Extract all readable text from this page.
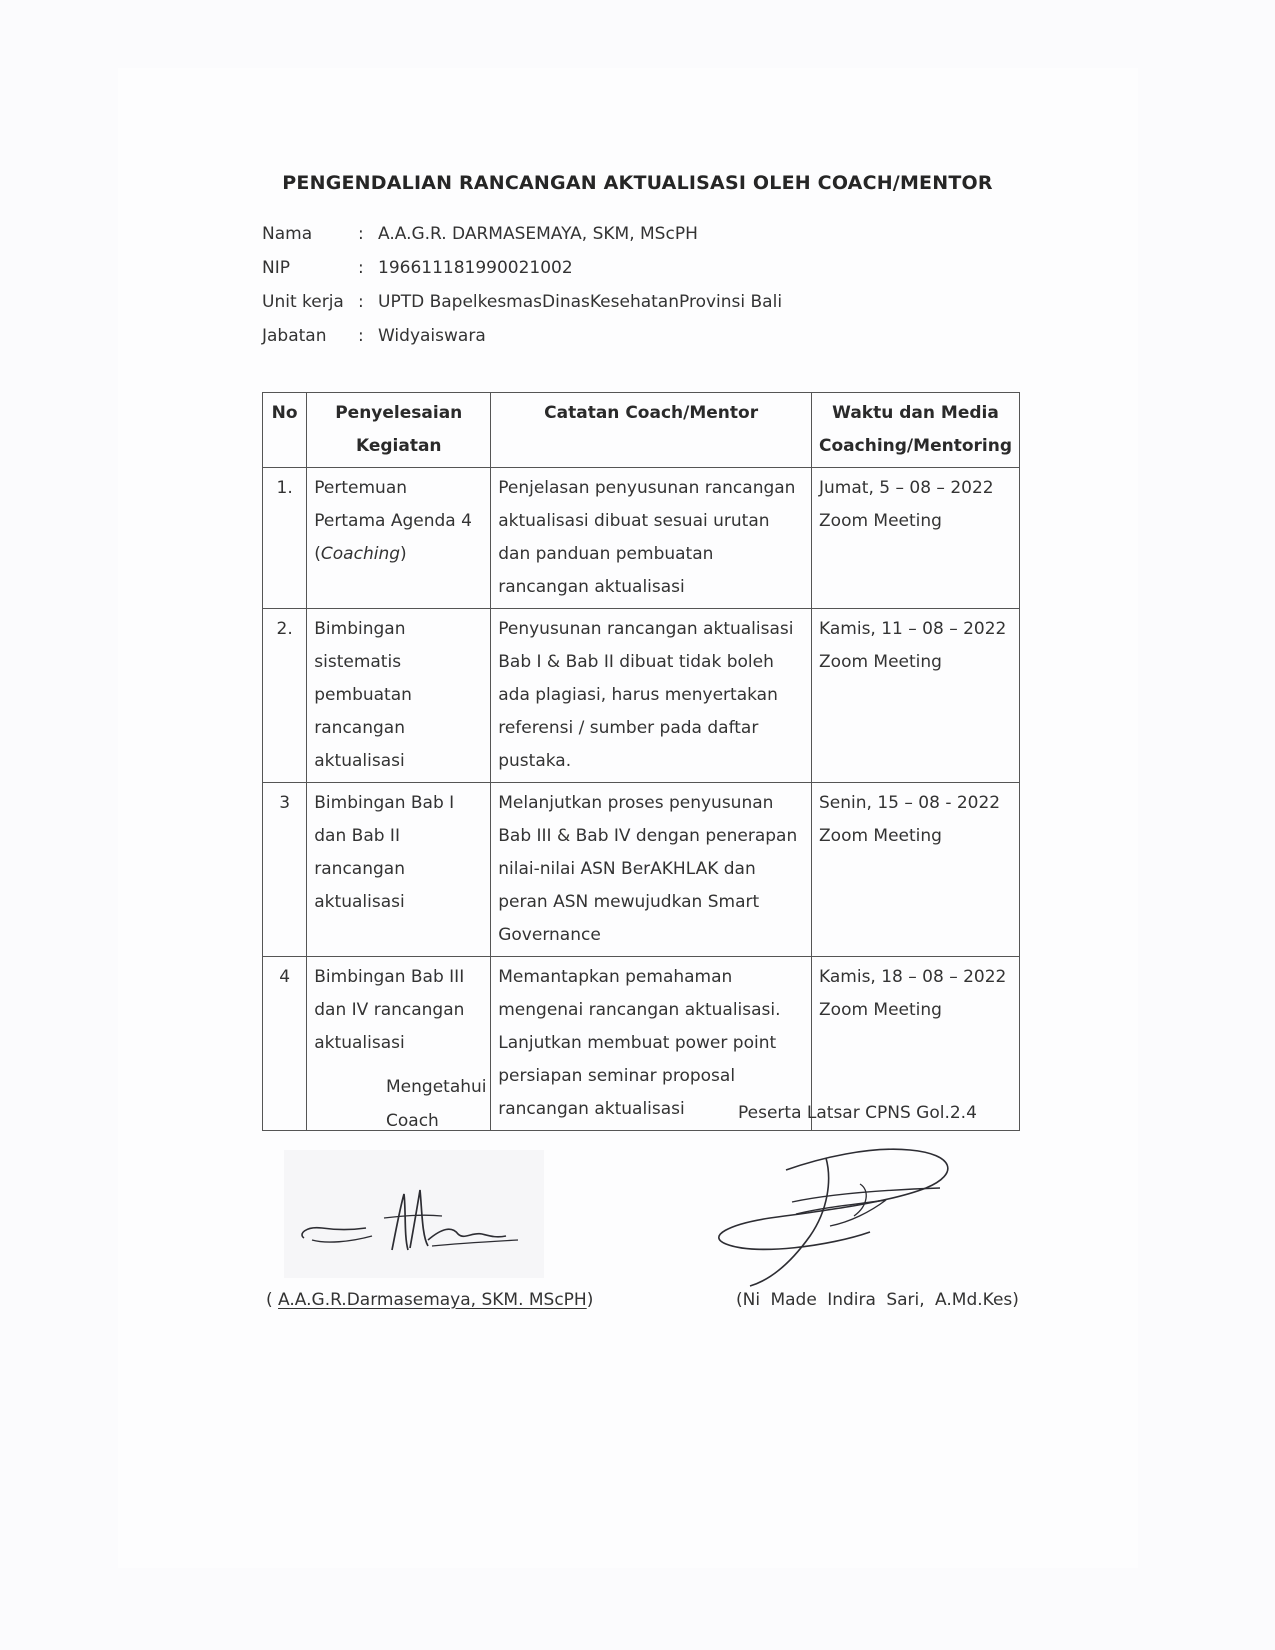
PENGENDALIAN RANCANGAN AKTUALISASI OLEH COACH/MENTOR
Nama	: A.A.G.R. DARMASEMAYA, SKM, MScPH
NIP	: 196611181990021002
Unit kerja : UPTD BapelkesmasDinasKesehatanProvinsi Bali
Jabatan : Widyaiswara
No	Penyelesaian Kegiatan	Catatan Coach/Mentor	Waktu dan Media Coaching/Mentoring
1.	Pertemuan Pertama Agenda 4 (Coaching)	Penjelasan penyusunan rancangan aktualisasi dibuat sesuai urutan dan panduan pembuatan rancangan aktualisasi	Jumat, 5 – 08 – 2022
Zoom Meeting

2.	Bimbingan sistematis pembuatan rancangan aktualisasi	Penyusunan rancangan aktualisasi Bab I & Bab II dibuat tidak boleh ada plagiasi, harus menyertakan referensi / sumber pada daftar pustaka.	Kamis, 11 – 08 – 2022
Zoom Meeting

3	Bimbingan Bab I dan Bab II rancangan aktualisasi	Melanjutkan proses penyusunan Bab III & Bab IV dengan penerapan nilai-nilai ASN BerAKHLAK dan peran ASN mewujudkan Smart Governance	Senin, 15 – 08 - 2022
Zoom Meeting

4	Bimbingan Bab III dan IV rancangan aktualisasi	Memantapkan pemahaman mengenai rancangan aktualisasi. Lanjutkan membuat power point persiapan seminar proposal rancangan aktualisasi	Kamis, 18 – 08 – 2022
Zoom Meeting
Mengetahui
Coach	Peserta Latsar CPNS Gol.2.4
( A.A.G.R.Darmasemaya, SKM. MScPH)	(Ni Made Indira Sari, A.Md.Kes)
